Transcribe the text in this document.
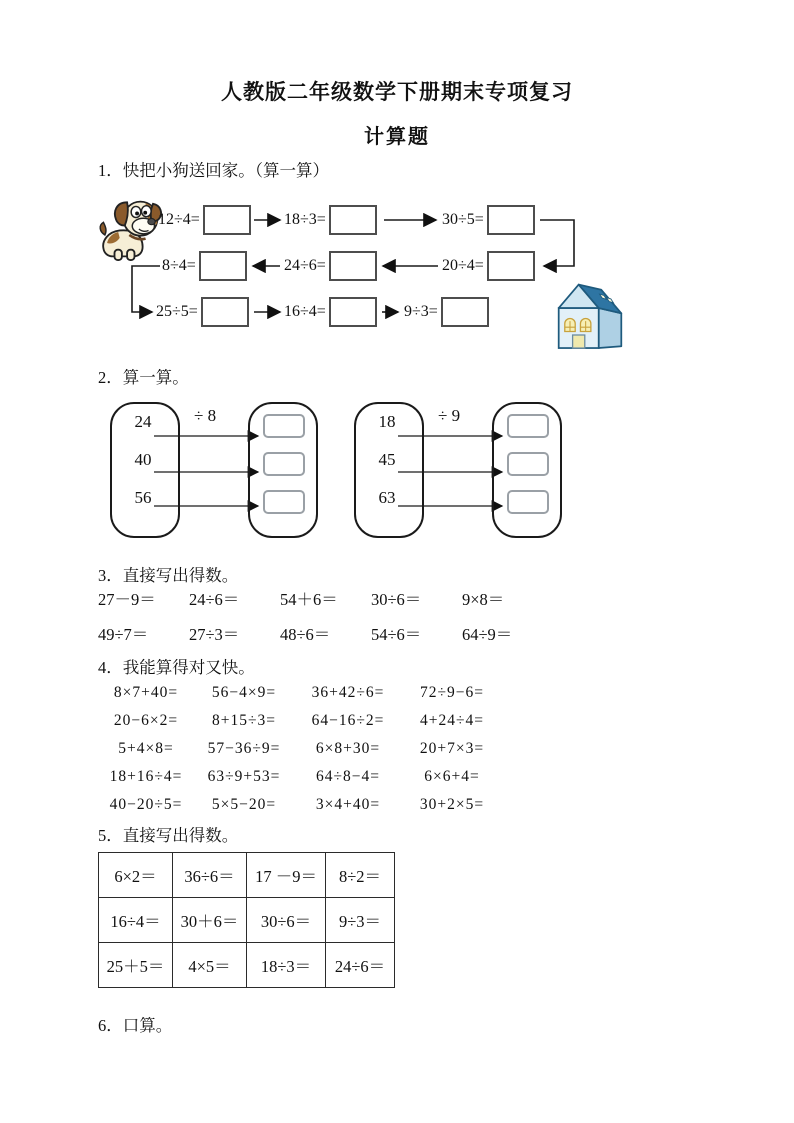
人教版二年级数学下册期末专项复习
计算题
1．快把小狗送回家。（算一算）
12÷4=	18÷3=	30÷5=
8÷4=	24÷6=	20÷4=
25÷5=	16÷4=	9÷3=
2．算一算。
24
40
56
÷ 8	18
45
63
÷ 9
3．直接写出得数。
27－9＝	24÷6＝	54＋6＝	30÷6＝	9×8＝
49÷7＝	27÷3＝	48÷6＝	54÷6＝	64÷9＝
4．我能算得对又快。
8×7+40=	56−4×9=	36+42÷6=	72÷9−6=
20−6×2=	8+15÷3=	64−16÷2=	4+24÷4=
5+4×8=	57−36÷9=	6×8+30=	20+7×3=
18+16÷4=	63÷9+53=	64÷8−4=	6×6+4=
40−20÷5=	5×5−20=	3×4+40=	30+2×5=
5．直接写出得数。
6×2＝	36÷6＝	17 －9＝	8÷2＝
16÷4＝	30＋6＝	30÷6＝	9÷3＝
25＋5＝	4×5＝	18÷3＝	24÷6＝
6．口算。
